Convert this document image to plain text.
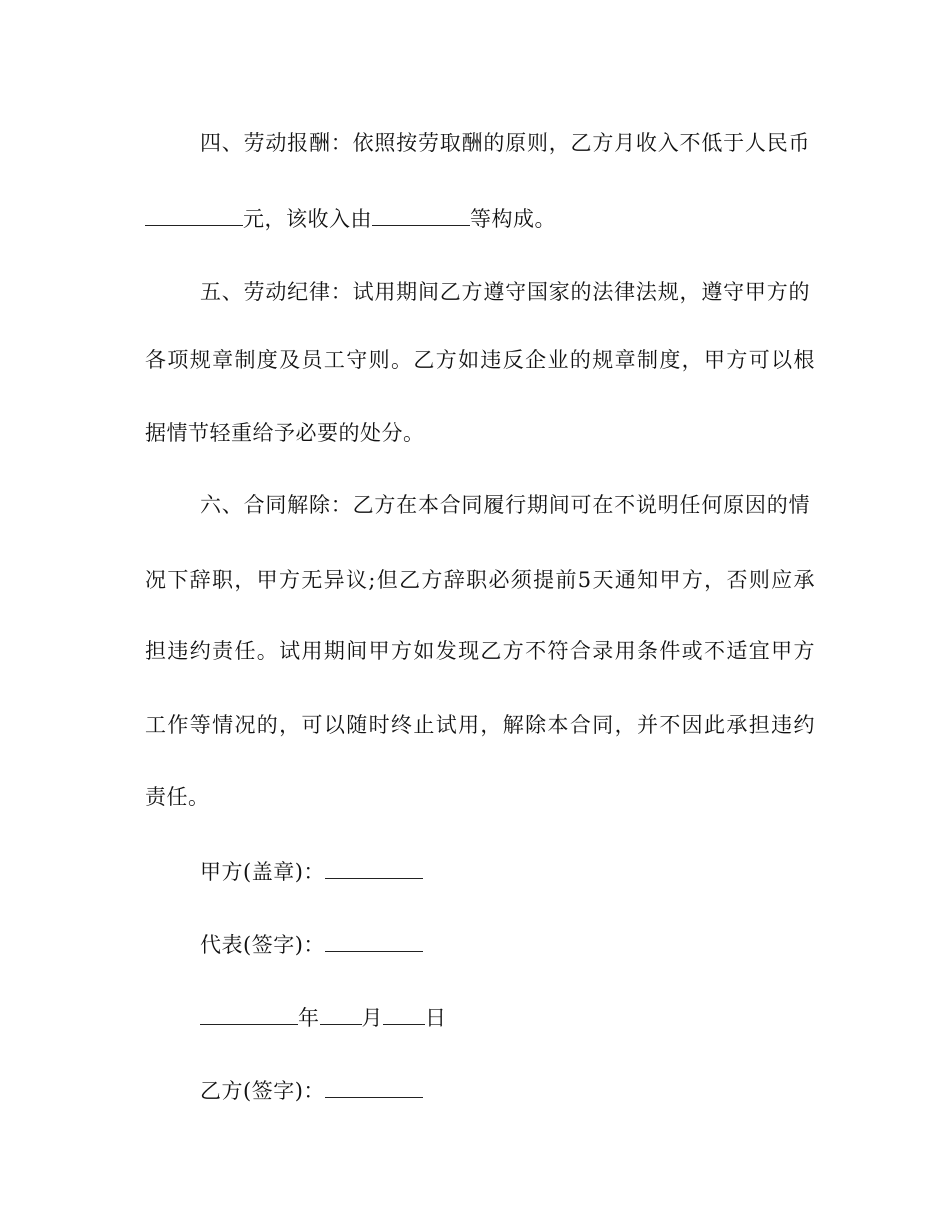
四、劳动报酬：依照按劳取酬的原则，乙方月收入不低于人民币
元，该收入由	等构成。
五、劳动纪律：试用期间乙方遵守国家的法律法规，遵守甲方的
各项规章制度及员工守则。乙方如违反企业的规章制度，甲方可以根
据情节轻重给予必要的处分。
六、合同解除：乙方在本合同履行期间可在不说明任何原因的情
况下辞职，甲方无异议;但乙方辞职必须提前5天通知甲方，否则应承
担违约责任。试用期间甲方如发现乙方不符合录用条件或不适宜甲方
工作等情况的，可以随时终止试用，解除本合同，并不因此承担违约
责任。
甲方(盖章)：
代表(签字)：
年 月 日
乙方(签字)：
